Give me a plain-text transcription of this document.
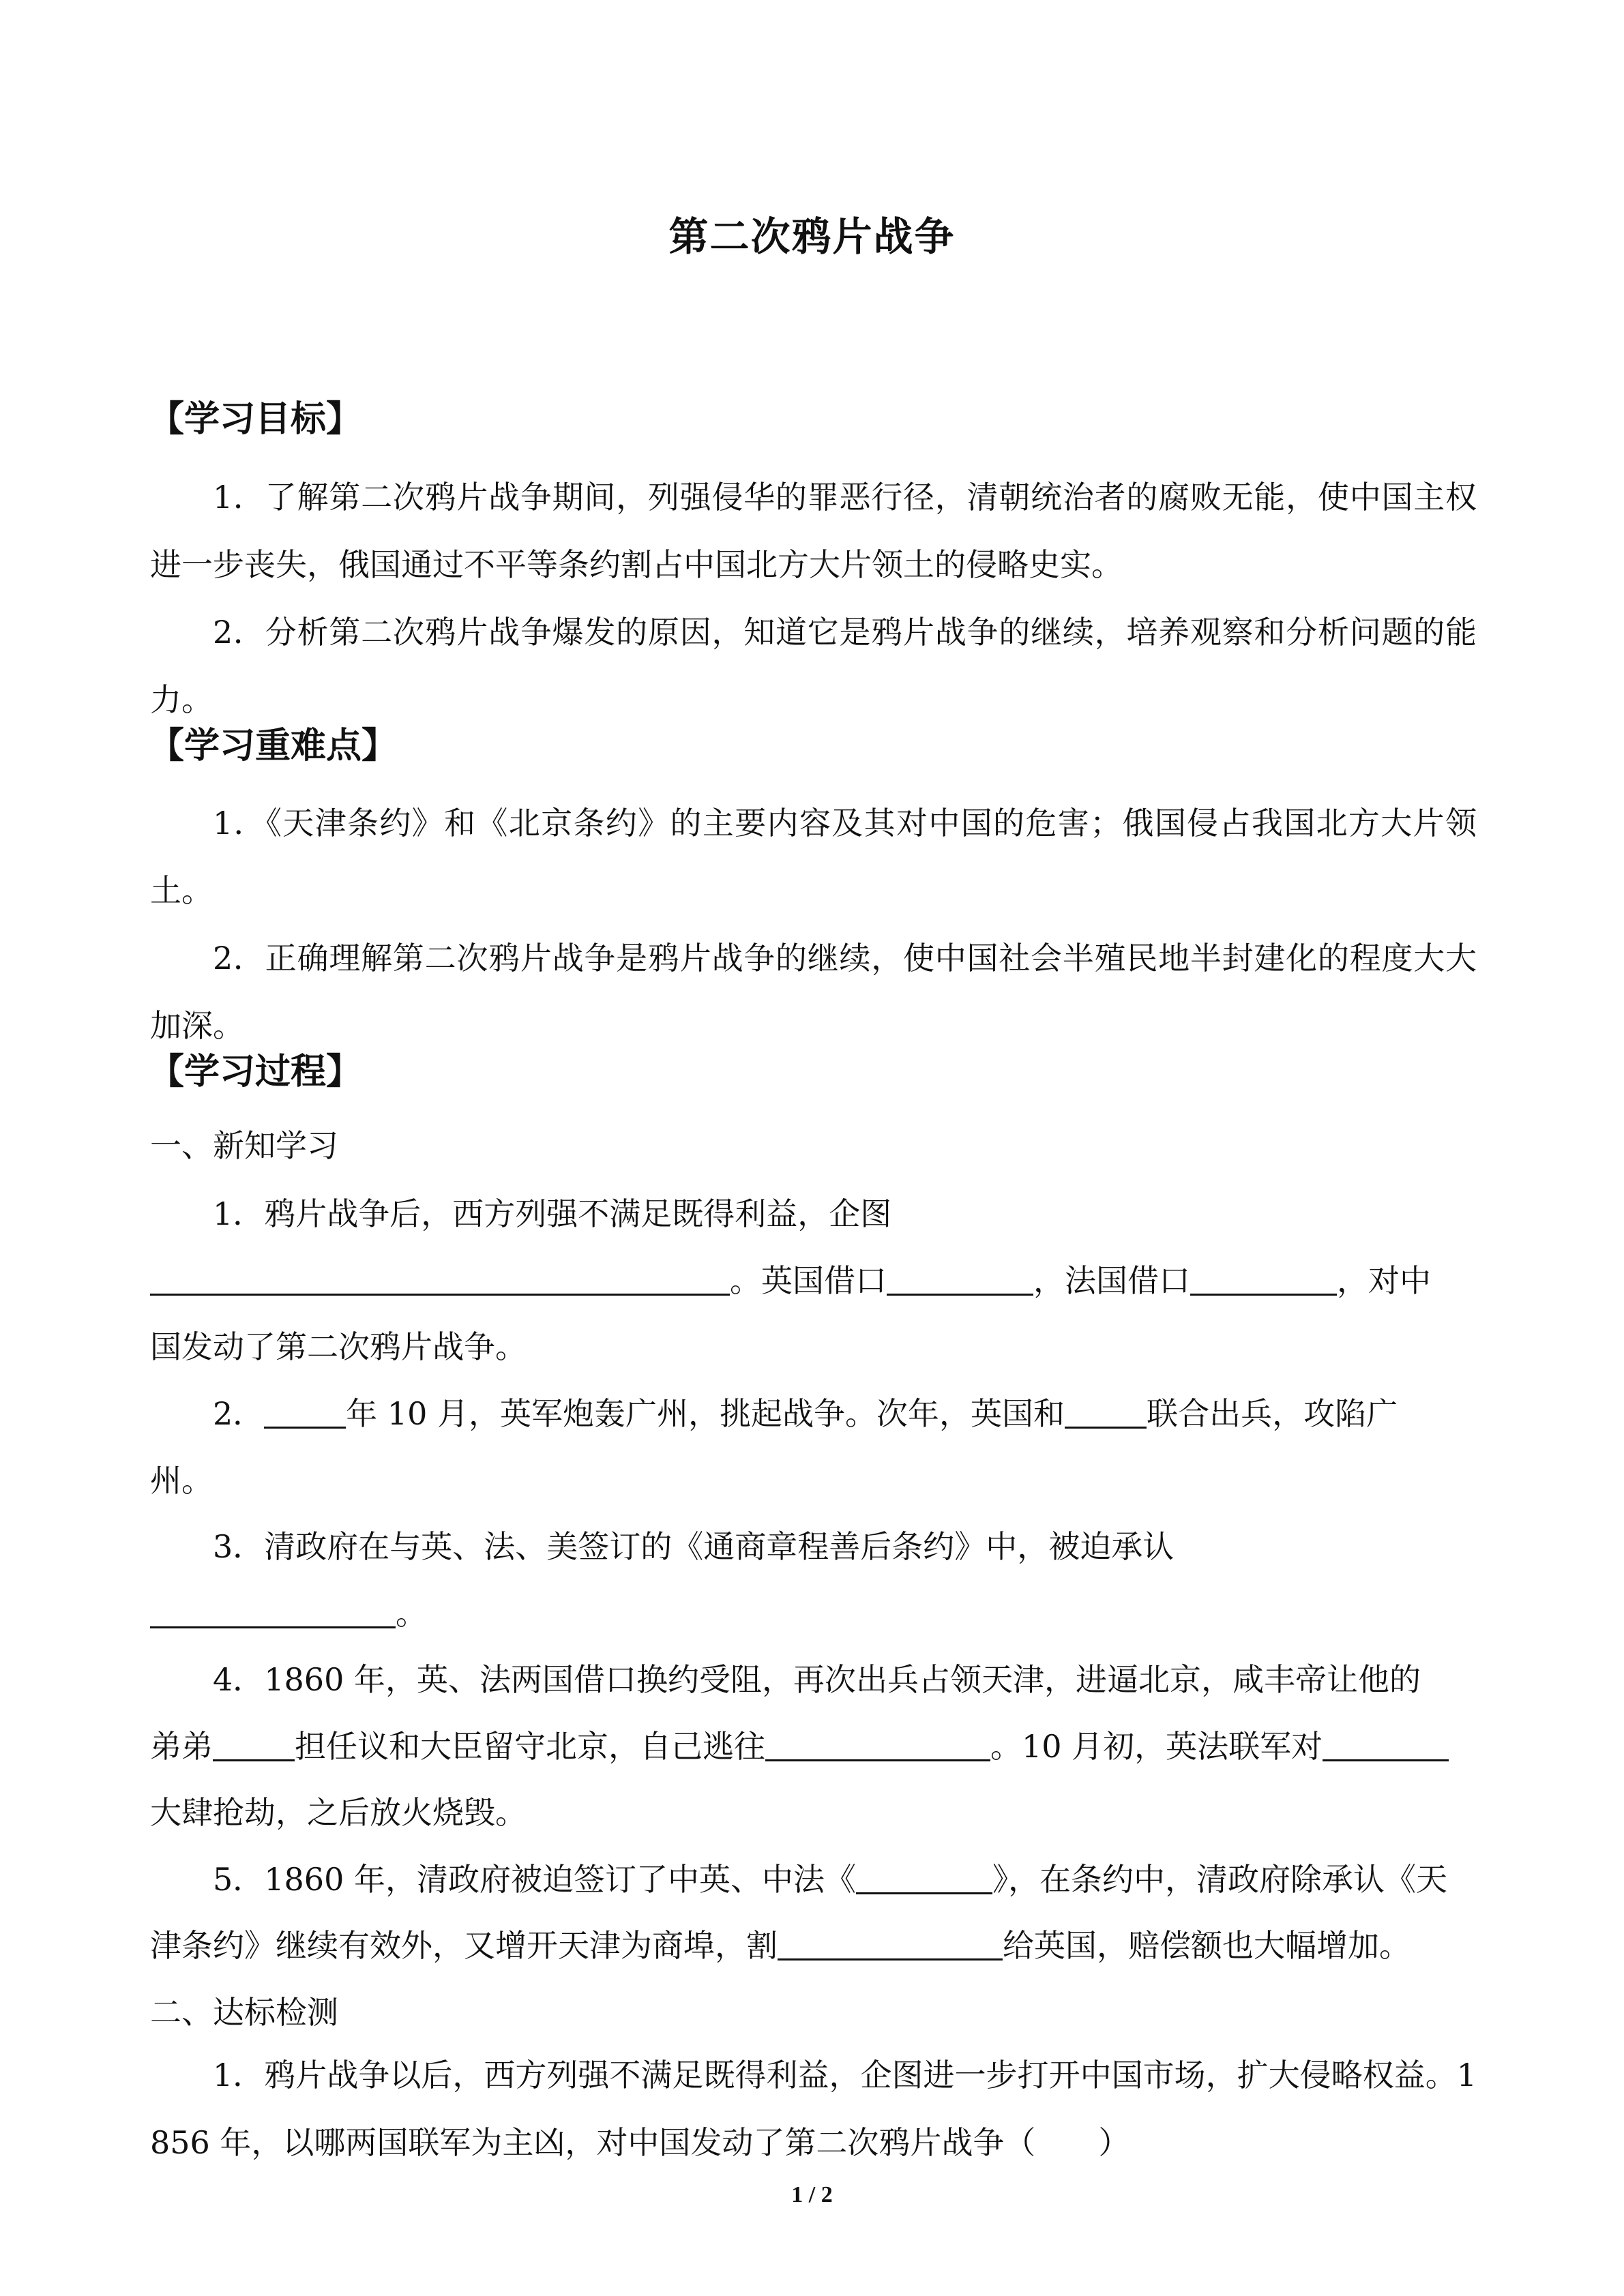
第二次鸦片战争
【学习目标】
1．了解第二次鸦片战争期间，列强侵华的罪恶行径，清朝统治者的腐败无能，使中国主权进一步丧失，俄国通过不平等条约割占中国北方大片领土的侵略史实。
2．分析第二次鸦片战争爆发的原因，知道它是鸦片战争的继续，培养观察和分析问题的能力。
【学习重难点】
1．《天津条约》和《北京条约》的主要内容及其对中国的危害；俄国侵占我国北方大片领土。
2．正确理解第二次鸦片战争是鸦片战争的继续，使中国社会半殖民地半封建化的程度大大加深。
【学习过程】
一、新知学习
1．鸦片战争后，西方列强不满足既得利益，企图
。英国借口	，法国借口	，对中
国发动了第二次鸦片战争。
2．	年 10 月，英军炮轰广州，挑起战争。次年，英国和	联合出兵，攻陷广
州。
3．清政府在与英、法、美签订的《通商章程善后条约》中，被迫承认
。
4．1860 年，英、法两国借口换约受阻，再次出兵占领天津，进逼北京，咸丰帝让他的
弟弟	担任议和大臣留守北京，自己逃往	。10 月初，英法联军对
大肆抢劫，之后放火烧毁。
5．1860 年，清政府被迫签订了中英、中法《	》，在条约中，清政府除承认《天
津条约》继续有效外，又增开天津为商埠，割	给英国，赔偿额也大幅增加。
二、达标检测
1．鸦片战争以后，西方列强不满足既得利益，企图进一步打开中国市场，扩大侵略权益。1856 年，以哪两国联军为主凶，对中国发动了第二次鸦片战争（　　）
1 / 2
